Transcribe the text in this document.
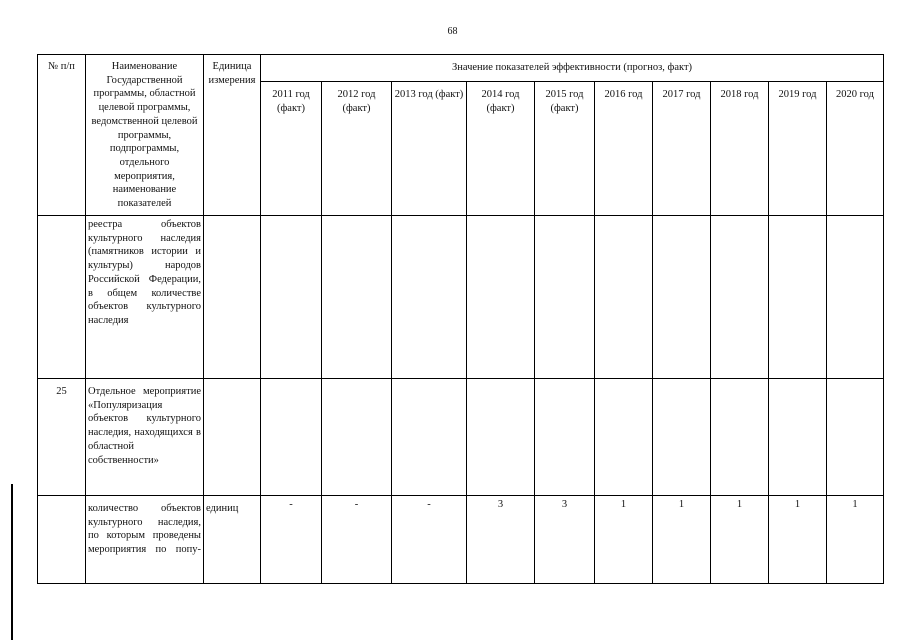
68
№ п/п	Наименование Государственной программы, областной целевой программы, ведомственной целевой программы, подпрограммы, отдельного мероприятия, наименование показателей	Единица измерения	Значение показателей эффективности (прогноз, факт)									
			2011 год (факт)	2012 год (факт)	2013 год (факт)	2014 год (факт)	2015 год (факт)	2016 год	2017 год	2018 год	2019 год	2020 год
	реестра объектов культурного наследия (памятников истории и культуры) народов Российской Федерации, в общем количестве объектов культурного наследия											
25	Отдельное мероприятие «Популяризация объектов культурного наследия, находящихся в областной собственности»											
	количество объектов культурного наследия, по которым проведены мероприятия по попу-	единиц	-	-	-	3	3	1	1	1	1	1
